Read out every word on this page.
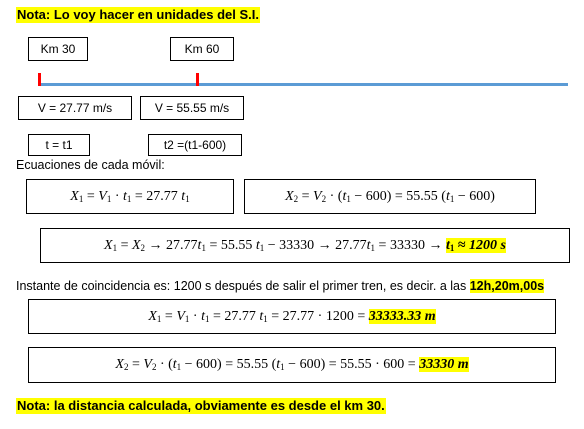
Nota: Lo voy hacer en unidades del S.I.
Km 30	Km 60
V = 27.77 m/s	V = 55.55 m/s
t = t1	t2 =(t1-600)
Ecuaciones de cada móvil:
$X_1 = V_1 \cdot t_1 = 27.77$ $t_1$	$X_2 = V_2 \cdot (t_1 - 600) = 55.55$ $(t_1 - 600)$
$X_1 = X_2 \to 27.77t_1 = 55.55$ $t_1 - 33330 \to 27.77t_1 = 33330 \to t_1 \approx 1200$ s
Instante de coincidencia es: 1200 s después de salir el primer tren, es decir. a las 12h,20m,00s
$X_1 = V_1 \cdot t_1 = 27.77$ $t_1 = 27.77 \cdot 1200 = 33333.33$ m
$X_2 = V_2 \cdot (t_1 - 600) = 55.55$ $(t_1 - 600) = 55.55 \cdot 600 = 33330$ m
Nota: la distancia calculada, obviamente es desde el km 30.
